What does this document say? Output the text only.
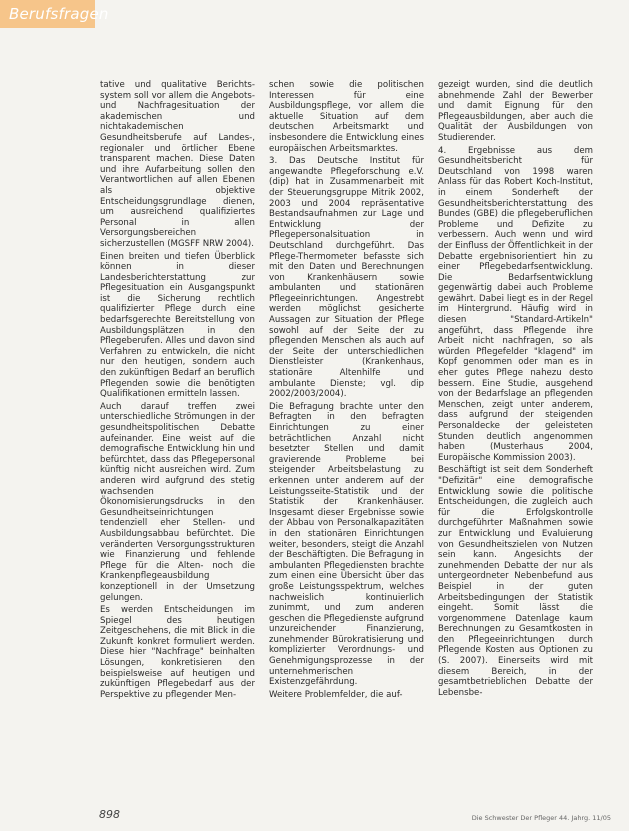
Berufsfragen

tative und qualitative Berichts-system soll vor allem die Angebots- und Nachfragesituation der akademischen und nichtakademischen Gesundheitsberufe auf Landes-, regionaler und örtlicher Ebene transparent machen. Diese Daten und ihre Aufarbeitung sollen den Verantwortlichen auf allen Ebenen als objektive Entscheidungsgrundlage dienen, um ausreichend qualifiziertes Personal in allen Versorgungsbereichen sicherzustellen (MGSFF NRW 2004).

Einen breiten und tiefen Überblick können in dieser Landesberichterstattung zur Pflegesituation ein Ausgangspunkt ist die Sicherung rechtlich qualifizierter Pflege durch eine bedarfsgerechte Bereitstellung von Ausbildungsplätzen in den Pflegeberufen. Alles und davon sind Verfahren zu entwickeln, die nicht nur den heutigen, sondern auch den zukünftigen Bedarf an beruflich Pflegenden sowie die benötigten Qualifikationen ermitteln lassen.

Auch darauf treffen zwei unterschiedliche Strömungen in der gesundheitspolitischen Debatte aufeinander. Eine weist auf die demografische Entwicklung hin und befürchtet, dass das Pflegepersonal künftig nicht ausreichen wird. Zum anderen wird aufgrund des stetig wachsenden Ökonomisierungsdrucks in den Gesundheitseinrichtungen tendenziell eher Stellen- und Ausbildungsabbau befürchtet. Die veränderten Versorgungsstrukturen wie Finanzierung und fehlende Pflege für die Alten- noch die Krankenpflegeausbildung konzeptionell in der Umsetzung gelungen.

Es werden Entscheidungen im Spiegel des heutigen Zeitgeschehens, die mit Blick in die Zukunft konkret formuliert werden. Diese hier "Nachfrage" beinhalten Lösungen, konkretisieren den beispielsweise auf heutigen und zukünftigen Pflegebedarf aus der Perspektive zu pflegender Men-

schen sowie die politischen Interessen für eine Ausbildungspflege, vor allem die aktuelle Situation auf dem deutschen Arbeitsmarkt und insbesondere die Entwicklung eines europäischen Arbeitsmarktes.

3. Das Deutsche Institut für angewandte Pflegeforschung e.V. (dip) hat in Zusammenarbeit mit der Steuerungsgruppe Mitrik 2002, 2003 und 2004 repräsentative Bestandsaufnahmen zur Lage und Entwicklung der Pflegepersonalsituation in Deutschland durchgeführt. Das Pflege-Thermometer befasste sich mit den Daten und Berechnungen von Krankenhäusern sowie ambulanten und stationären Pflegeeinrichtungen. Angestrebt werden möglichst gesicherte Aussagen zur Situation der Pflege sowohl auf der Seite der zu pflegenden Menschen als auch auf der Seite der unterschiedlichen Dienstleister (Krankenhaus, stationäre Altenhilfe und ambulante Dienste; vgl. dip 2002/2003/2004).

Die Befragung brachte unter den Befragten in den befragten Einrichtungen zu einer beträchtlichen Anzahl nicht besetzter Stellen und damit gravierende Probleme bei steigender Arbeitsbelastung zu erkennen unter anderem auf der Leistungsseite-Statistik und der Statistik der Krankenhäuser. Insgesamt dieser Ergebnisse sowie der Abbau von Personalkapazitäten in den stationären Einrichtungen weiter, besonders, steigt die Anzahl der Beschäftigten. Die Befragung in ambulanten Pflegediensten brachte zum einen eine Übersicht über das große Leistungsspektrum, welches nachweislich kontinuierlich zunimmt, und zum anderen geschen die Pflegedienste aufgrund unzureichender Finanzierung, zunehmender Bürokratisierung und komplizierter Verordnungs- und Genehmigungsprozesse in der unternehmerischen Existenzgefährdung.

Weitere Problemfelder, die auf-

gezeigt wurden, sind die deutlich abnehmende Zahl der Bewerber und damit Eignung für den Pflegeausbildungen, aber auch die Qualität der Ausbildungen von Studierender.

4. Ergebnisse aus dem Gesundheitsbericht für Deutschland von 1998 waren Anlass für das Robert Koch-Institut, in einem Sonderheft der Gesundheitsberichterstattung des Bundes (GBE) die pflegeberuflichen Probleme und Defizite zu verbessern. Auch wenn und wird der Einfluss der Öffentlichkeit in der Debatte ergebnisorientiert hin zu einer Pflegebedarfsentwicklung. Die Bedarfsentwicklung gegenwärtig dabei auch Probleme gewährt. Dabei liegt es in der Regel im Hintergrund. Häufig wird in diesen "Standard-Artikeln" angeführt, dass Pflegende ihre Arbeit nicht nachfragen, so als würden Pflegefelder "klagend" im Kopf genommen oder man es in eher gutes Pflege nahezu desto bessern. Eine Studie, ausgehend von der Bedarfslage an pflegenden Menschen, zeigt unter anderem, dass aufgrund der steigenden Personaldecke der geleisteten Stunden deutlich angenommen haben (Musterhaus 2004, Europäische Kommission 2003).

Beschäftigt ist seit dem Sonderheft "Defizitär" eine demografische Entwicklung sowie die politische Entscheidungen, die zugleich auch für die Erfolgskontrolle durchgeführter Maßnahmen sowie zur Entwicklung und Evaluierung von Gesundheitszielen von Nutzen sein kann. Angesichts der zunehmenden Debatte der nur als untergeordneter Nebenbefund aus Beispiel in der guten Arbeitsbedingungen der Statistik eingeht. Somit lässt die vorgenommene Datenlage kaum Berechnungen zu Gesamtkosten in den Pflegeeinrichtungen durch Pflegende Kosten aus Optionen zu (S. 2007). Einerseits wird mit diesem Bereich, in der gesamtbetrieblichen Debatte der Lebensbe-

898	Die Schwester Der Pfleger 44. Jahrg. 11/05
